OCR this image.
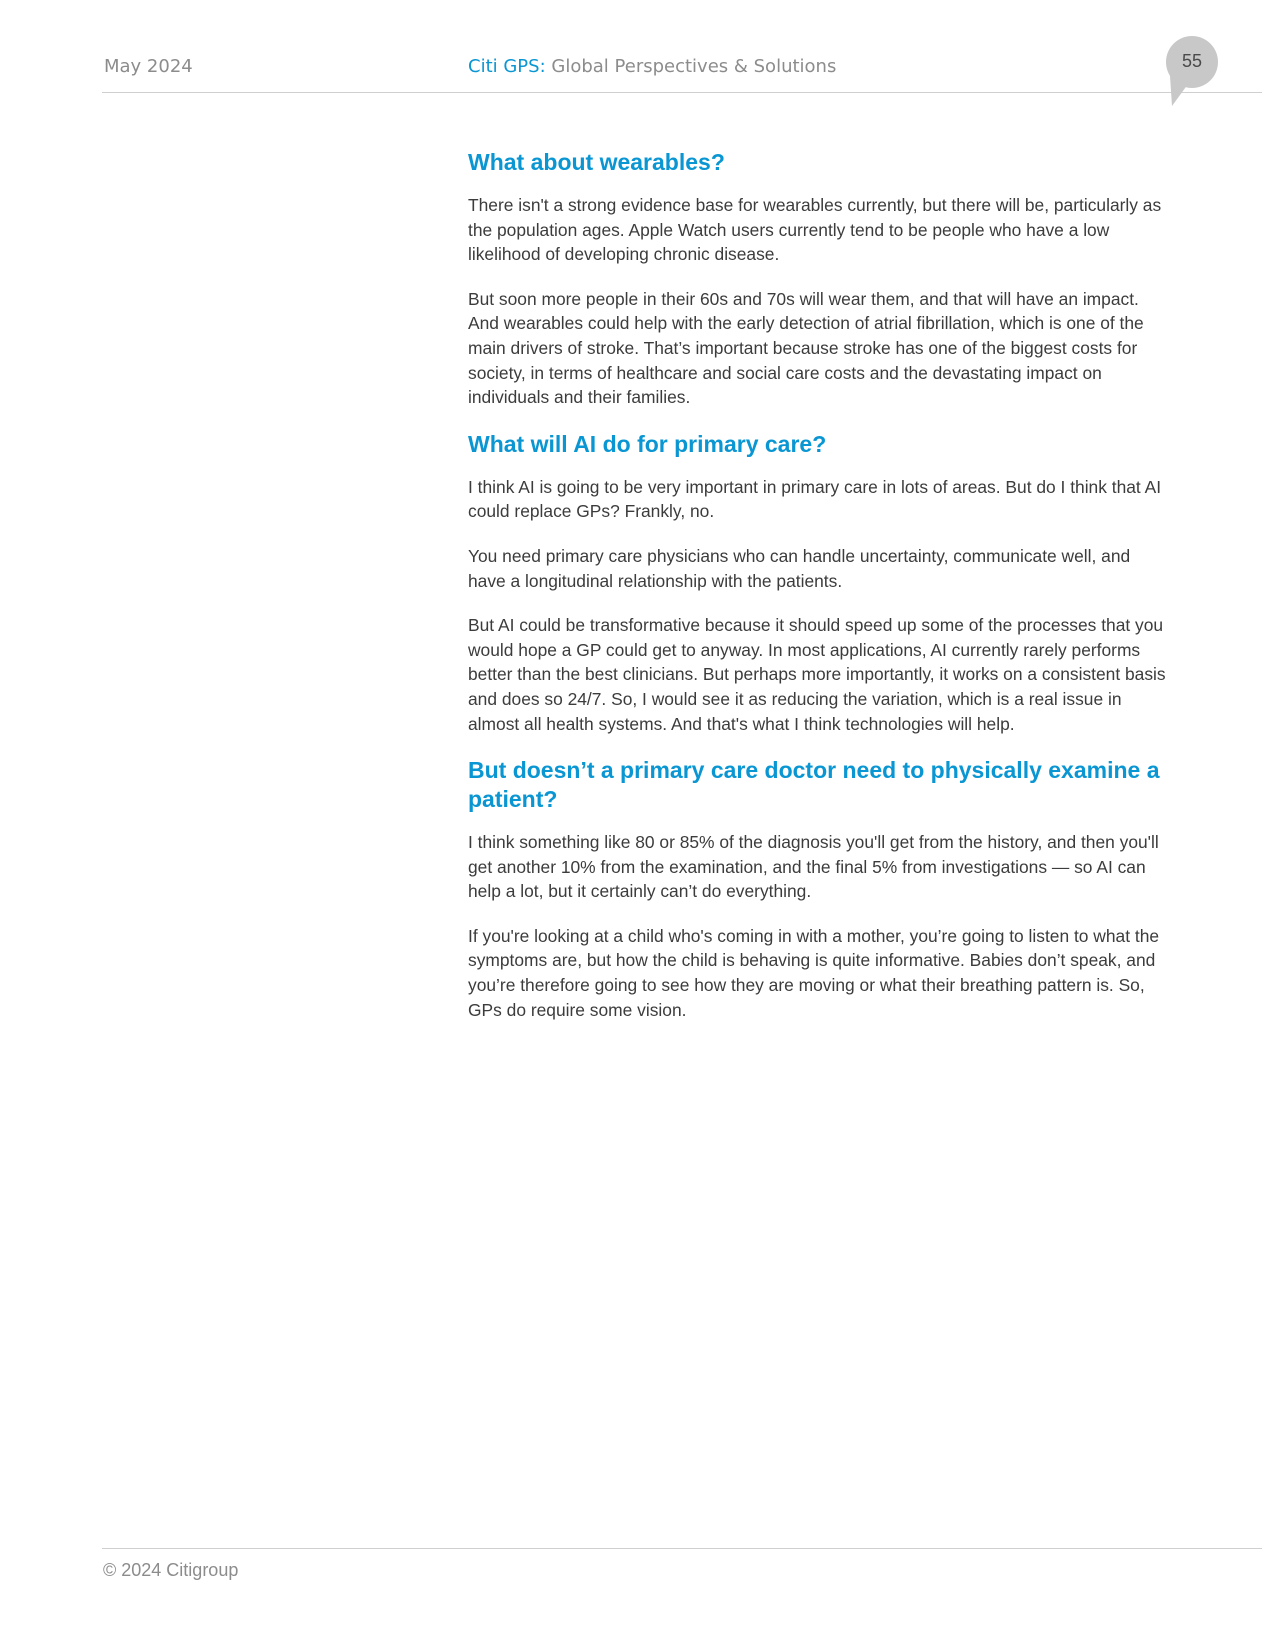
May 2024	Citi GPS: Global Perspectives & Solutions	55
What about wearables?

There isn't a strong evidence base for wearables currently, but there will be, particularly as the population ages. Apple Watch users currently tend to be people who have a low likelihood of developing chronic disease.

But soon more people in their 60s and 70s will wear them, and that will have an impact. And wearables could help with the early detection of atrial fibrillation, which is one of the main drivers of stroke. That’s important because stroke has one of the biggest costs for society, in terms of healthcare and social care costs and the devastating impact on individuals and their families.

What will AI do for primary care?

I think AI is going to be very important in primary care in lots of areas. But do I think that AI could replace GPs? Frankly, no.

You need primary care physicians who can handle uncertainty, communicate well, and have a longitudinal relationship with the patients.

But AI could be transformative because it should speed up some of the processes that you would hope a GP could get to anyway. In most applications, AI currently rarely performs better than the best clinicians. But perhaps more importantly, it works on a consistent basis and does so 24/7. So, I would see it as reducing the variation, which is a real issue in almost all health systems. And that's what I think technologies will help.

But doesn’t a primary care doctor need to physically examine a patient?

I think something like 80 or 85% of the diagnosis you'll get from the history, and then you'll get another 10% from the examination, and the final 5% from investigations — so AI can help a lot, but it certainly can’t do everything.

If you're looking at a child who's coming in with a mother, you’re going to listen to what the symptoms are, but how the child is behaving is quite informative. Babies don’t speak, and you’re therefore going to see how they are moving or what their breathing pattern is. So, GPs do require some vision.

© 2024 Citigroup
